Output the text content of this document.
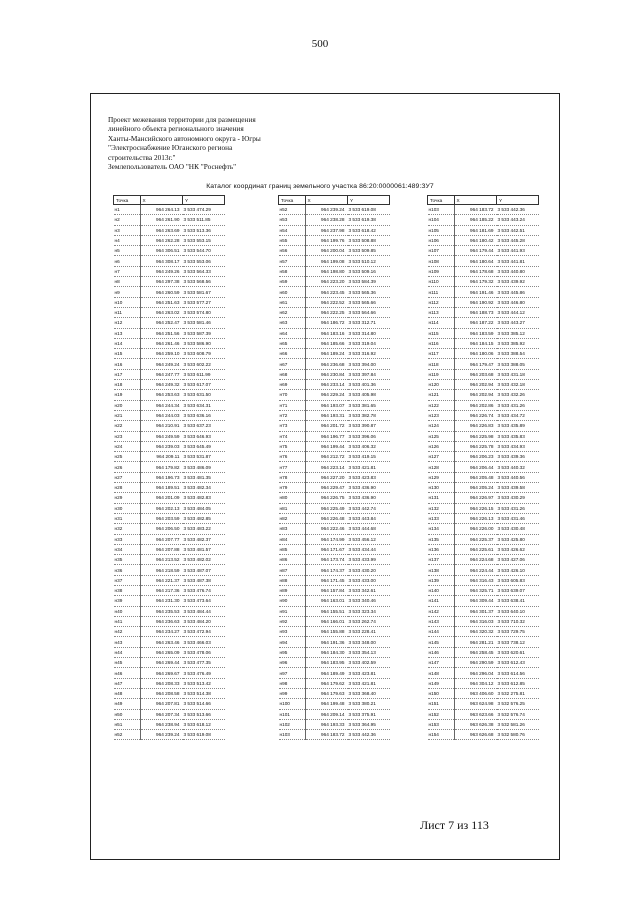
500
Проект межевания территории для размещения
линейного объекта регионального значения
Ханты-Мансийского автономного округа - Югры
"Электроснабжение Юганского региона
строительства 2013г."
Землепользователь ОАО "НК "Роснефть"
Каталог координат границ земельного участка 86:20:0000061:489:ЗУ7
Точка	X	Y
н1	964 264.13	3 533 474.29
н2	964 261.90	3 533 511.85
н3	964 263.69	3 533 513.36
н4	964 262.28	3 533 553.15
н5	964 306.51	3 533 544.70
н6	964 308.17	3 533 553.06
н7	964 249.26	3 533 564.33
н8	964 297.38	3 533 568.56
н9	964 260.59	3 533 581.67
н10	964 251.63	3 533 577.27
н11	964 263.02	3 533 574.80
н12	964 252.47	3 533 581.46
н13	964 251.56	3 533 587.39
н14	964 261.46	3 533 586.90
н15	964 259.10	3 533 608.79
н16	964 249.24	3 533 602.22
н17	964 247.77	3 533 611.99
н18	964 249.32	3 533 617.07
н19	964 253.63	3 533 631.50
н20	964 244.34	3 533 634.31
н21	964 244.03	3 533 636.16
н22	964 210.91	3 533 637.23
н23	964 249.59	3 533 646.93
н24	964 239.03	3 533 645.49
н25	964 209.11	3 533 531.87
н26	964 179.82	3 533 486.09
н27	964 196.73	3 533 481.35
н28	964 189.51	3 533 482.34
н29	964 201.09	3 533 482.83
н30	964 202.13	3 533 484.05
н31	964 203.59	3 533 482.85
н32	964 206.50	3 533 483.22
н33	964 207.77	3 533 482.37
н34	964 207.88	3 533 481.57
н35	964 213.52	3 533 482.02
н36	964 218.59	3 533 487.07
н37	964 221.37	3 533 487.38
н38	964 217.36	3 533 476.74
н39	964 231.30	3 533 473.64
н40	964 235.53	3 533 484.44
н41	964 236.63	3 533 484.20
н42	964 234.27	3 533 472.94
н43	964 263.46	3 533 466.03
н44	964 265.09	3 533 478.06
н45	964 269.44	3 533 477.35
н46	964 269.67	3 533 476.49
н47	964 208.33	3 533 513.42
н48	964 208.58	3 533 514.38
н49	964 207.81	3 533 514.66
н50	964 207.34	3 533 513.66
н51	964 238.94	3 533 618.12
н52	964 239.24	3 533 619.08
Точка	X	Y
н52	964 239.24	3 533 619.08
н53	964 238.28	3 533 619.38
н54	964 237.98	3 533 618.42
н55	964 199.76	3 533 508.88
н56	964 200.04	3 533 509.85
н57	964 199.08	3 533 510.12
н58	964 198.80	3 533 509.16
н59	964 223.20	3 533 584.39
н60	964 223.45	3 533 565.36
н61	964 222.52	3 533 565.66
н62	964 222.25	3 533 564.66
н63	964 186.72	3 533 312.71
н64	964 183.16	3 533 314.80
н65	964 185.66	3 533 319.04
н66	964 189.24	3 533 316.92
н67	964 236.68	3 533 394.00
н68	964 230.84	3 533 397.84
н69	964 233.14	3 533 401.36
н70	964 229.24	3 533 405.98
н71	964 193.07	3 533 381.65
н72	964 193.31	3 533 382.78
н73	964 201.72	3 533 390.87
н74	964 196.77	3 533 396.06
н75	964 199.44	3 533 406.32
н76	964 212.72	3 533 419.15
н77	964 223.14	3 533 421.81
н78	964 227.20	3 533 423.83
н79	964 229.47	3 533 436.90
н80	964 226.75	3 533 436.90
н81	964 225.49	3 533 442.74
н82	964 226.48	3 533 443.84
н83	964 222.46	3 533 444.68
н84	964 174.99	3 533 456.12
н85	964 171.67	3 533 434.44
н86	964 173.74	3 533 433.99
н87	964 174.37	3 533 430.20
н88	964 171.45	3 533 433.00
н89	964 157.84	3 533 342.61
н90	964 163.01	3 533 340.46
н91	964 155.51	3 533 323.34
н92	964 166.01	3 533 262.74
н93	964 155.88	3 533 228.41
н94	964 191.36	3 533 348.00
н95	964 184.30	3 533 354.13
н96	964 183.95	3 533 402.59
н97	964 189.49	3 533 423.81
н98	964 179.62	3 533 421.81
н99	964 179.63	3 533 368.40
н100	964 199.48	3 533 380.21
н101	964 209.14	3 533 375.91
н102	964 193.33	3 533 364.95
н103	964 183.72	3 533 442.36
Точка	X	Y
н103	964 183.72	3 533 442.36
н104	964 185.22	3 533 443.24
н105	964 181.69	3 533 442.51
н106	964 180.42	3 533 445.28
н107	964 179.44	3 533 441.93
н108	964 180.64	3 533 441.81
н109	964 178.68	3 533 440.80
н110	964 179.32	3 533 439.92
н111	964 191.46	3 533 445.86
н112	964 190.92	3 533 446.80
н113	964 188.73	3 533 444.12
н114	964 187.22	3 533 443.27
н115	964 183.59	3 533 385.12
н116	964 184.15	3 533 385.92
н117	964 180.06	3 533 388.54
н118	964 179.47	3 533 388.05
н119	964 203.68	3 533 431.18
н120	964 202.94	3 533 432.18
н121	964 202.94	3 533 432.26
н122	964 202.86	3 533 431.26
н123	964 226.74	3 533 434.72
н124	964 226.83	3 533 435.89
н125	964 225.98	3 533 435.83
н126	964 225.78	3 533 434.93
н127	964 206.23	3 533 439.36
н128	964 206.44	3 533 440.32
н129	964 205.48	3 533 440.56
н130	964 205.24	3 533 439.58
н131	964 226.97	3 533 430.29
н132	964 226.15	3 533 431.26
н133	964 226.13	3 533 431.46
н134	964 226.00	3 533 430.48
н135	964 225.37	3 533 425.80
н136	964 225.61	3 533 426.62
н137	964 224.68	3 533 427.06
н138	964 224.44	3 533 426.10
н139	964 316.43	3 533 605.83
н140	964 325.71	3 533 639.07
н141	964 309.44	3 533 638.41
н142	964 301.37	3 533 640.10
н143	964 316.03	3 533 710.32
н144	964 320.32	3 533 729.75
н145	964 281.21	3 533 738.12
н146	964 258.45	3 533 620.61
н147	964 290.59	3 533 612.43
н148	964 296.04	3 533 614.56
н149	964 304.12	3 533 612.85
н150	963 406.60	3 532 275.81
н151	963 624.98	3 532 576.25
н152	963 623.66	3 532 576.74
н153	963 626.38	3 532 581.26
н154	963 626.68	3 532 580.76
Лист 7 из 113
